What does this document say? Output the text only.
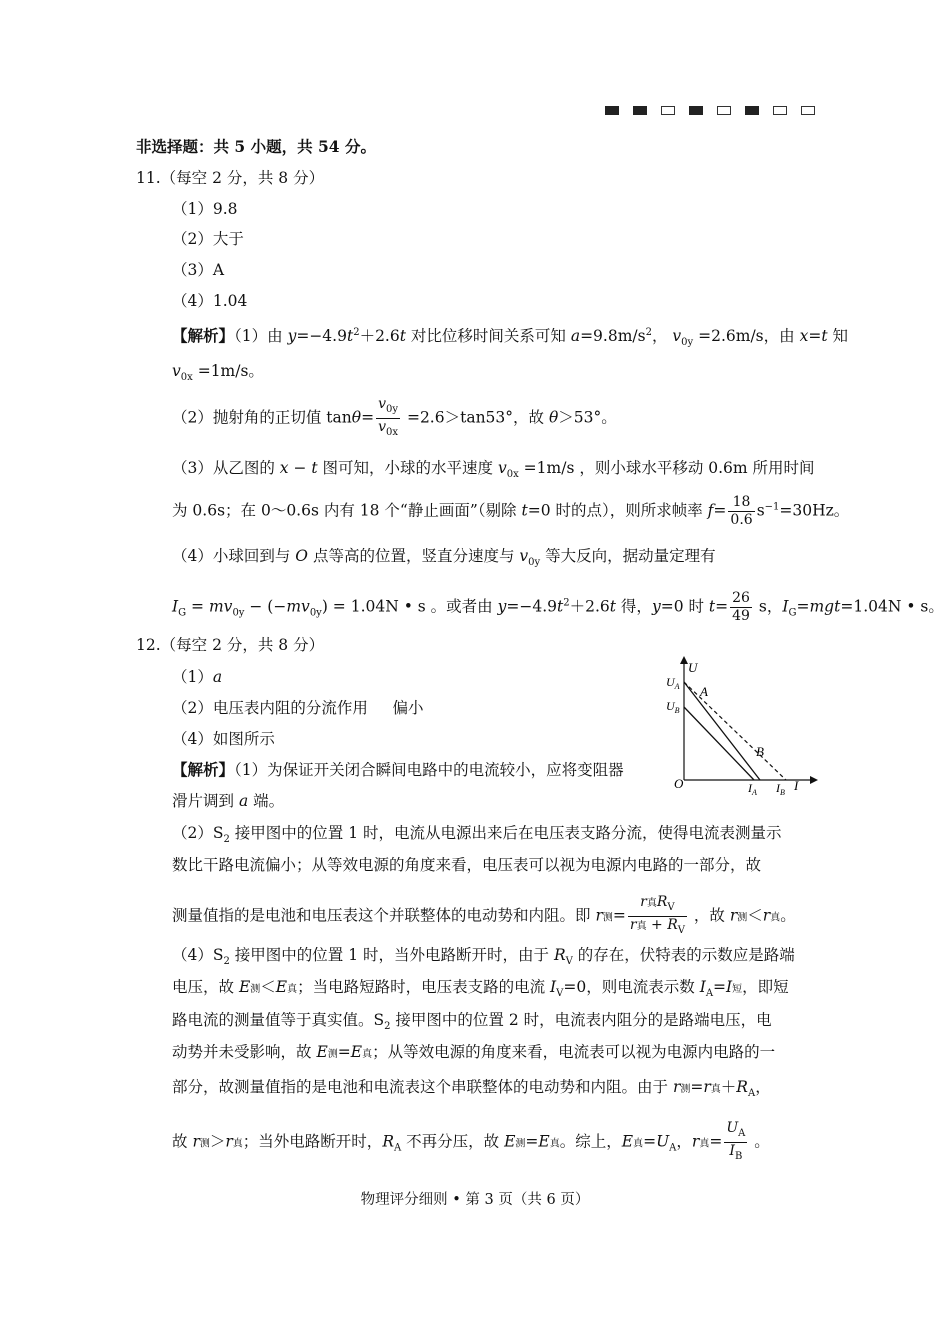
非选择题：共 5 小题，共 54 分。
11.（每空 2 分，共 8 分）
（1）9.8
（2）大于
（3）A
（4）1.04
【解析】（1）由 $y=-4.9t^2+2.6t$ 对比位移时间关系可知 $a=9.8m/s^2$， $v_{0y} =2.6m/s$，由 x=t 知
$v_{0x} =1m/s$。
（2）抛射角的正切值 $\tan\theta= \frac{v_{0y}}{v_{0x}} =2.6>\tan 53^\circ$，故 θ＞53°。
（3）从乙图的 x − t 图可知，小球的水平速度 $v_{0x} =1m/s$ ，则小球水平移动 0.6m 所用时间
为 0.6s；在 0～0.6s 内有 18 个“静止画面”（剔除 t=0 时的点），则所求帧率 $f= \frac{18}{0.6} s^{-1}=30Hz$。
（4）小球回到与 O 点等高的位置，竖直分速度与 $v_{0y}$ 等大反向，据动量定理有
$I_G = mv_{0y} - (-mv_{0y}) = 1.04N$ • s 。或者由 $y=-4.9t^2+2.6t$ 得，y=0 时 $t= \frac{26}{49}$ s，$I_G=mgt=1.04N$ • s。
12.（每空 2 分，共 8 分）
（1）a
（2）电压表内阻的分流作用 偏小
（4）如图所示
【解析】（1）为保证开关闭合瞬间电路中的电流较小，应将变阻器
滑片调到 a 端。
$(2)S_2$ 接甲图中的位置 1 时，电流从电源出来后在电压表支路分流，使得电流表测量示
数比干路电流偏小；从等效电源的角度来看，电压表可以视为电源内电路的一部分，故
测量值指的是电池和电压表这个并联整体的电动势和内阻。即 r测= $\frac{r真R_V}{r真 + R_V}$ ，故 r测＜r真。
$(4)S_2$ 接甲图中的位置 1 时，当外电路断开时，由于 $R_V$ 的存在，伏特表的示数应是路端
电压，故 E测＜E真；当电路短路时，电压表支路的电流 $I_V=0$，则电流表示数 $I_A=I$短，即短
路电流的测量值等于真实值。$S_2$ 接甲图中的位置 2 时，电流表内阻分的是路端电压，电
动势并未受影响，故 E测=E真；从等效电源的角度来看，电流表可以视为电源内电路的一
部分，故测量值指的是电池和电流表这个串联整体的电动势和内阻。由于 r测=r真$+R_A$，
故 r测＞r真；当外电路断开时，$R_A$ 不再分压，故 E测=E真。综上，E真$=U_A$，r真= $\frac{U_A}{I_B}$ 。
U
$U_A$
$U_B$
A
B
O	$I_A$ $I_B$ I
物理评分细则 • 第 3 页（共 6 页）
